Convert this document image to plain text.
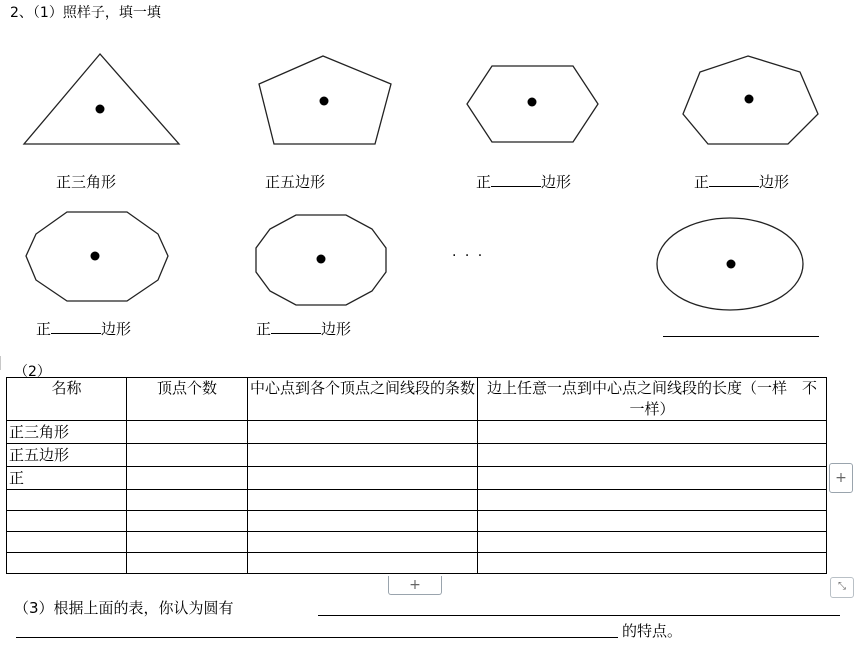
2、（1）照样子，填一填
· · ·
正三角形	正五边形	正	边形	正	边形
正	边形	正	边形
（2）
名称	顶点个数	中心点到各个顶点之间线段的条数	边上任意一点到中心点之间线段的长度（一样　不一样）
正三角形			
正五边形			
正			

				+
+	⤡
（3）根据上面的表，你认为圆有
的特点。
